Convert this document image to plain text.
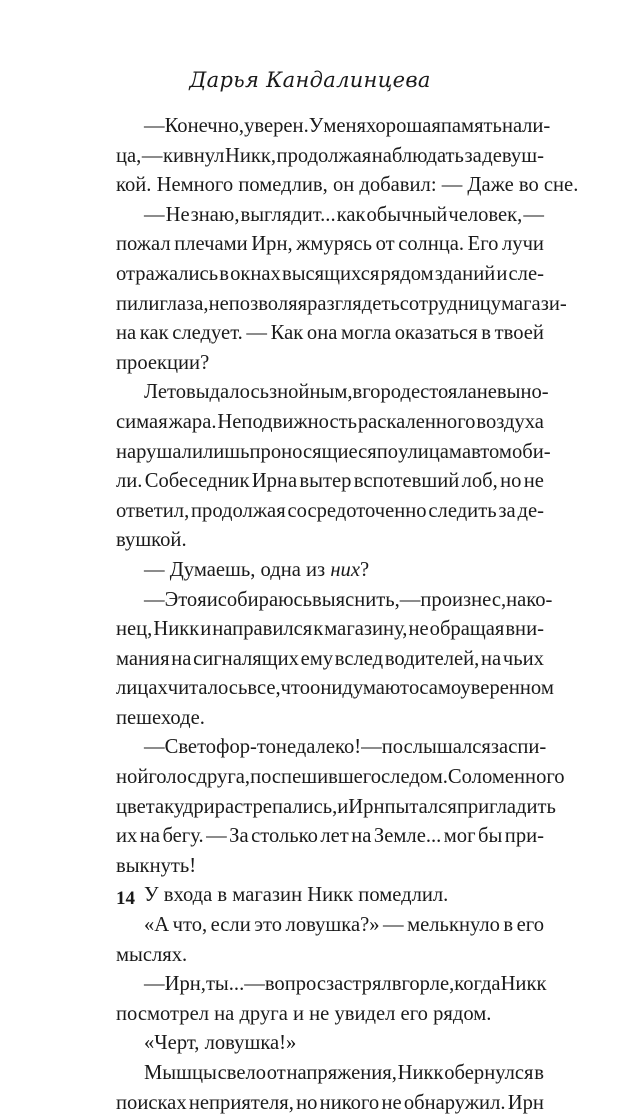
Дарья Кандалинцева
— Конечно, уверен. У меня хорошая память на ли-
ца, — кивнул Никк, продолжая наблюдать за девуш-
кой. Немного помедлив, он добавил: — Даже во сне.
— Не знаю, выглядит... как обычный человек, —
пожал плечами Ирн, жмурясь от солнца. Его лучи
отражались в окнах высящихся рядом зданий и сле-
пили глаза, не позволяя разглядеть сотрудницу магази-
на как следует. — Как она могла оказаться в твоей
проекции?
Лето выдалось знойным, в городе стояла невыно-
симая жара. Неподвижность раскаленного воздуха
нарушали лишь проносящиеся по улицам автомоби-
ли. Собеседник Ирна вытер вспотевший лоб, но не
ответил, продолжая сосредоточенно следить за де-
вушкой.
— Думаешь, одна из них ?
— Это я и собираюсь выяснить, — произнес, нако-
нец, Никк и направился к магазину, не обращая вни-
мания на сигналящих ему вслед водителей, на чьих
лицах читалось все, что они думают о самоуверенном
пешеходе.
— Светофор-то недалеко! — послышался за спи-
ной голос друга, поспешившего следом. Соломенного
цвета кудри растрепались, и Ирн пытался пригладить
их на бегу. — За столько лет на Земле... мог бы при-
выкнуть!
У входа в магазин Никк помедлил.
«А что, если это ловушка?» — мелькнуло в его
мыслях.
— Ирн, ты... — вопрос застрял в горле, когда Никк
посмотрел на друга и не увидел его рядом.
«Черт, ловушка!»
Мышцы свело от напряжения, Никк обернулся в
поисках неприятеля, но никого не обнаружил. Ирн
14
